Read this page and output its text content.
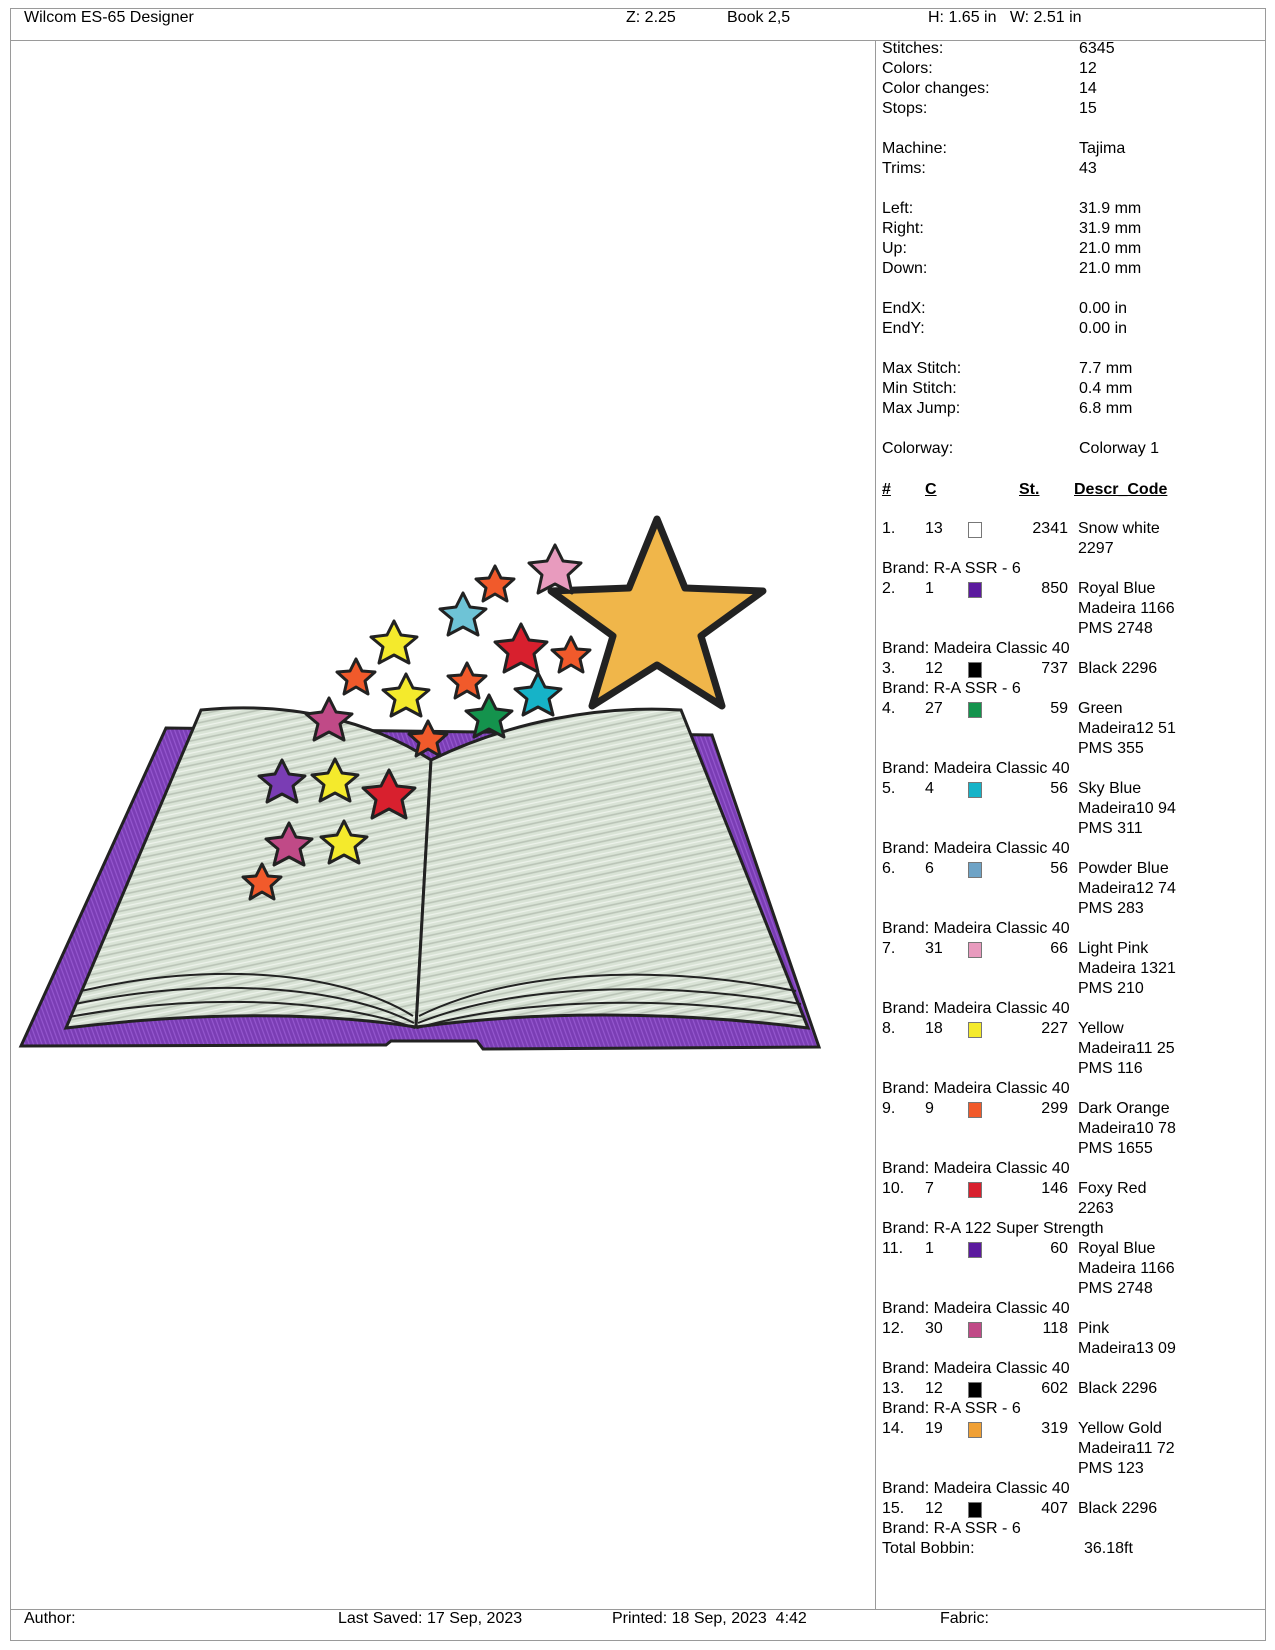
Wilcom ES-65 Designer	Z: 2.25	Book 2,5	H: 1.65 in   W: 2.51 in
Stitches:	6345
Colors:	12
Color changes:	14
Stops:	15
Machine:	Tajima
Trims:	43
Left:	31.9 mm
Right:	31.9 mm
Up:	21.0 mm
Down:	21.0 mm
EndX:	0.00 in
EndY:	0.00 in
Max Stitch:	7.7 mm
Min Stitch:	0.4 mm
Max Jump:	6.8 mm
Colorway:	Colorway 1
# C	St. Descr_Code
1. 13	2341 Snow white
2297
Brand: R-A SSR - 6
2. 1	850 Royal Blue
Madeira 1166
PMS 2748
Brand: Madeira Classic 40
3. 12	737 Black 2296
Brand: R-A SSR - 6
4. 27	59 Green
Madeira12 51
PMS 355
Brand: Madeira Classic 40
5. 4	56 Sky Blue
Madeira10 94
PMS 311
Brand: Madeira Classic 40
6. 6	56 Powder Blue
Madeira12 74
PMS 283
Brand: Madeira Classic 40
7. 31	66 Light Pink
Madeira 1321
PMS 210
Brand: Madeira Classic 40
8. 18	227 Yellow
Madeira11 25
PMS 116
Brand: Madeira Classic 40
9. 9	299 Dark Orange
Madeira10 78
PMS 1655
Brand: Madeira Classic 40
10. 7	146 Foxy Red
2263
Brand: R-A 122 Super Strength
11. 1	60 Royal Blue
Madeira 1166
PMS 2748
Brand: Madeira Classic 40
12. 30	118 Pink
Madeira13 09
Brand: Madeira Classic 40
13. 12	602 Black 2296
Brand: R-A SSR - 6
14. 19	319 Yellow Gold
Madeira11 72
PMS 123
Brand: Madeira Classic 40
15. 12	407 Black 2296
Brand: R-A SSR - 6
Total Bobbin:	36.18ft
Author:	Last Saved: 17 Sep, 2023	Printed: 18 Sep, 2023  4:42	Fabric:
